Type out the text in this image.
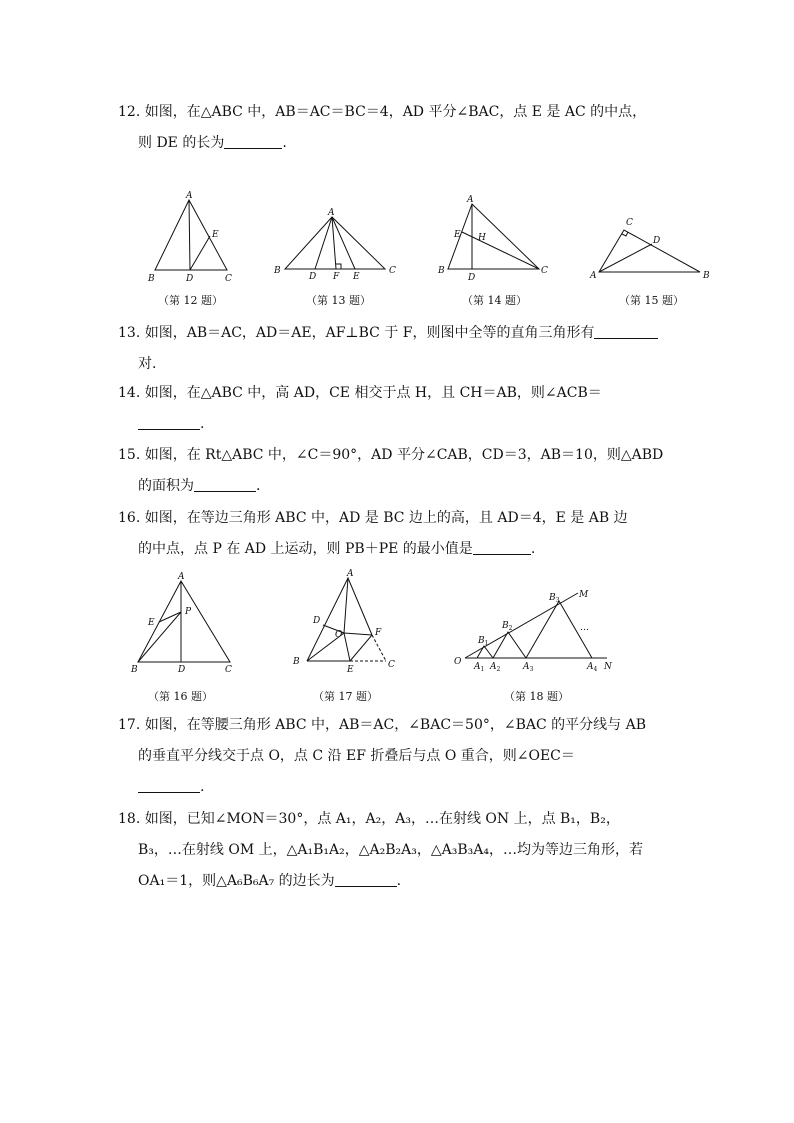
12. 如图，在△ABC 中，AB＝AC＝BC＝4，AD 平分∠BAC，点 E 是 AC 的中点，
则 DE 的长为	.
A
B	C
D
E
（第 12 题）
A
B	C
D F E
（第 13 题）
A
B	C
D
E H
（第 14 题）
C
A	B
D
（第 15 题）
13. 如图，AB＝AC，AD＝AE，AF⊥BC 于 F，则图中全等的直角三角形有
对.
14. 如图，在△ABC 中，高 AD，CE 相交于点 H，且 CH＝AB，则∠ACB＝
.
15. 如图，在 Rt△ABC 中，∠C＝90°，AD 平分∠CAB，CD＝3，AB＝10，则△ABD
的面积为	.
16. 如图，在等边三角形 ABC 中，AD 是 BC 边上的高，且 AD＝4，E 是 AB 边
的中点，点 P 在 AD 上运动，则 PB＋PE 的最小值是	.
A
B	C
D
E
P
（第 16 题）
A
B	C
D
E
F
O
（第 17 题）
M
O	N
…
$B_1$
$B_2$
$B_3$
$A_1$ $A_2$	$A_3$	$A_4$
（第 18 题）
17. 如图，在等腰三角形 ABC 中，AB＝AC，∠BAC＝50°，∠BAC 的平分线与 AB
的垂直平分线交于点 O，点 C 沿 EF 折叠后与点 O 重合，则∠OEC＝
.
18. 如图，已知∠MON＝30°，点 A₁，A₂，A₃，…在射线 ON 上，点 B₁，B₂，
B₃，…在射线 OM 上，△A₁B₁A₂，△A₂B₂A₃，△A₃B₃A₄，…均为等边三角形，若
OA₁＝1，则△A₆B₆A₇ 的边长为	.
